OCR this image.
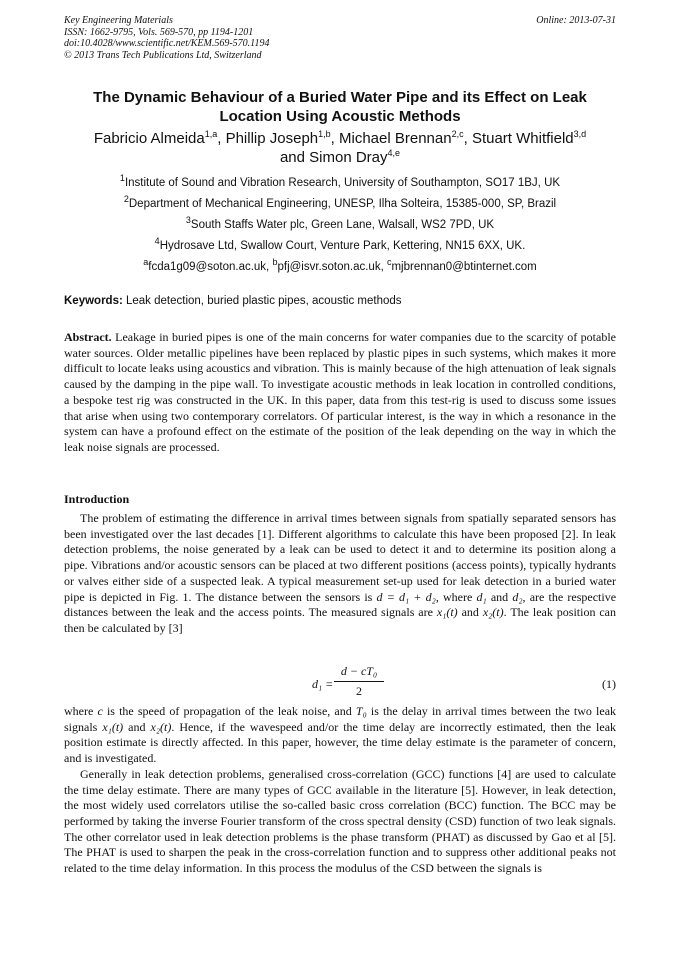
Key Engineering Materials	Online: 2013-07-31
ISSN: 1662-9795, Vols. 569-570, pp 1194-1201
doi:10.4028/www.scientific.net/KEM.569-570.1194
© 2013 Trans Tech Publications Ltd, Switzerland
The Dynamic Behaviour of a Buried Water Pipe and its Effect on Leak Location Using Acoustic Methods
Fabricio Almeida$^{1,a}$, Phillip Joseph$^{1,b}$, Michael Brennan$^{2,c}$, Stuart Whitfield$^{3,d}$
and Simon Dray$^{4,e}$
$^1$Institute of Sound and Vibration Research, University of Southampton, SO17 1BJ, UK
$^2$Department of Mechanical Engineering, UNESP, Ilha Solteira, 15385-000, SP, Brazil
$^3$South Staffs Water plc, Green Lane, Walsall, WS2 7PD, UK
$^4$Hydrosave Ltd, Swallow Court, Venture Park, Kettering, NN15 6XX, UK.
$^a$fcda1g09@soton.ac.uk, $^b$pfj@isvr.soton.ac.uk, $^c$mjbrennan0@btinternet.com
Keywords: Leak detection, buried plastic pipes, acoustic methods
Abstract. Leakage in buried pipes is one of the main concerns for water companies due to the scarcity of potable water sources. Older metallic pipelines have been replaced by plastic pipes in such systems, which makes it more difficult to locate leaks using acoustics and vibration. This is mainly because of the high attenuation of leak signals caused by the damping in the pipe wall. To investigate acoustic methods in leak location in controlled conditions, a bespoke test rig was constructed in the UK. In this paper, data from this test-rig is used to discuss some issues that arise when using two contemporary correlators. Of particular interest, is the way in which a resonance in the system can have a profound effect on the estimate of the position of the leak depending on the way in which the leak noise signals are processed.
Introduction

The problem of estimating the difference in arrival times between signals from spatially separated sensors has been investigated over the last decades [1]. Different algorithms to calculate this have been proposed [2]. In leak detection problems, the noise generated by a leak can be used to detect it and to determine its position along a pipe. Vibrations and/or acoustic sensors can be placed at two different positions (access points), typically hydrants or valves either side of a suspected leak. A typical measurement set-up used for leak detection in a buried water pipe is depicted in Fig. 1. The distance between the sensors is d = d₁ + d₂, where d₁ and d₂, are the respective distances between the leak and the access points. The measured signals are x₁(t) and x₂(t). The leak position can then be calculated by [3]

$d_1 = \frac{\text{d − cT₀}}{2}$	(1)

where c is the speed of propagation of the leak noise, and T₀ is the delay in arrival times between the two leak signals x₁(t) and x₂(t). Hence, if the wavespeed and/or the time delay are incorrectly estimated, then the leak position estimate is directly affected. In this paper, however, the time delay estimate is the parameter of concern, and is investigated.

Generally in leak detection problems, generalised cross-correlation (GCC) functions [4] are used to calculate the time delay estimate. There are many types of GCC available in the literature [5]. However, in leak detection, the most widely used correlators utilise the so-called basic cross correlation (BCC) function. The BCC may be performed by taking the inverse Fourier transform of the cross spectral density (CSD) function of two leak signals. The other correlator used in leak detection problems is the phase transform (PHAT) as discussed by Gao et al [5]. The PHAT is used to sharpen the peak in the cross-correlation function and to suppress other additional peaks not related to the time delay information. In this process the modulus of the CSD between the signals is
